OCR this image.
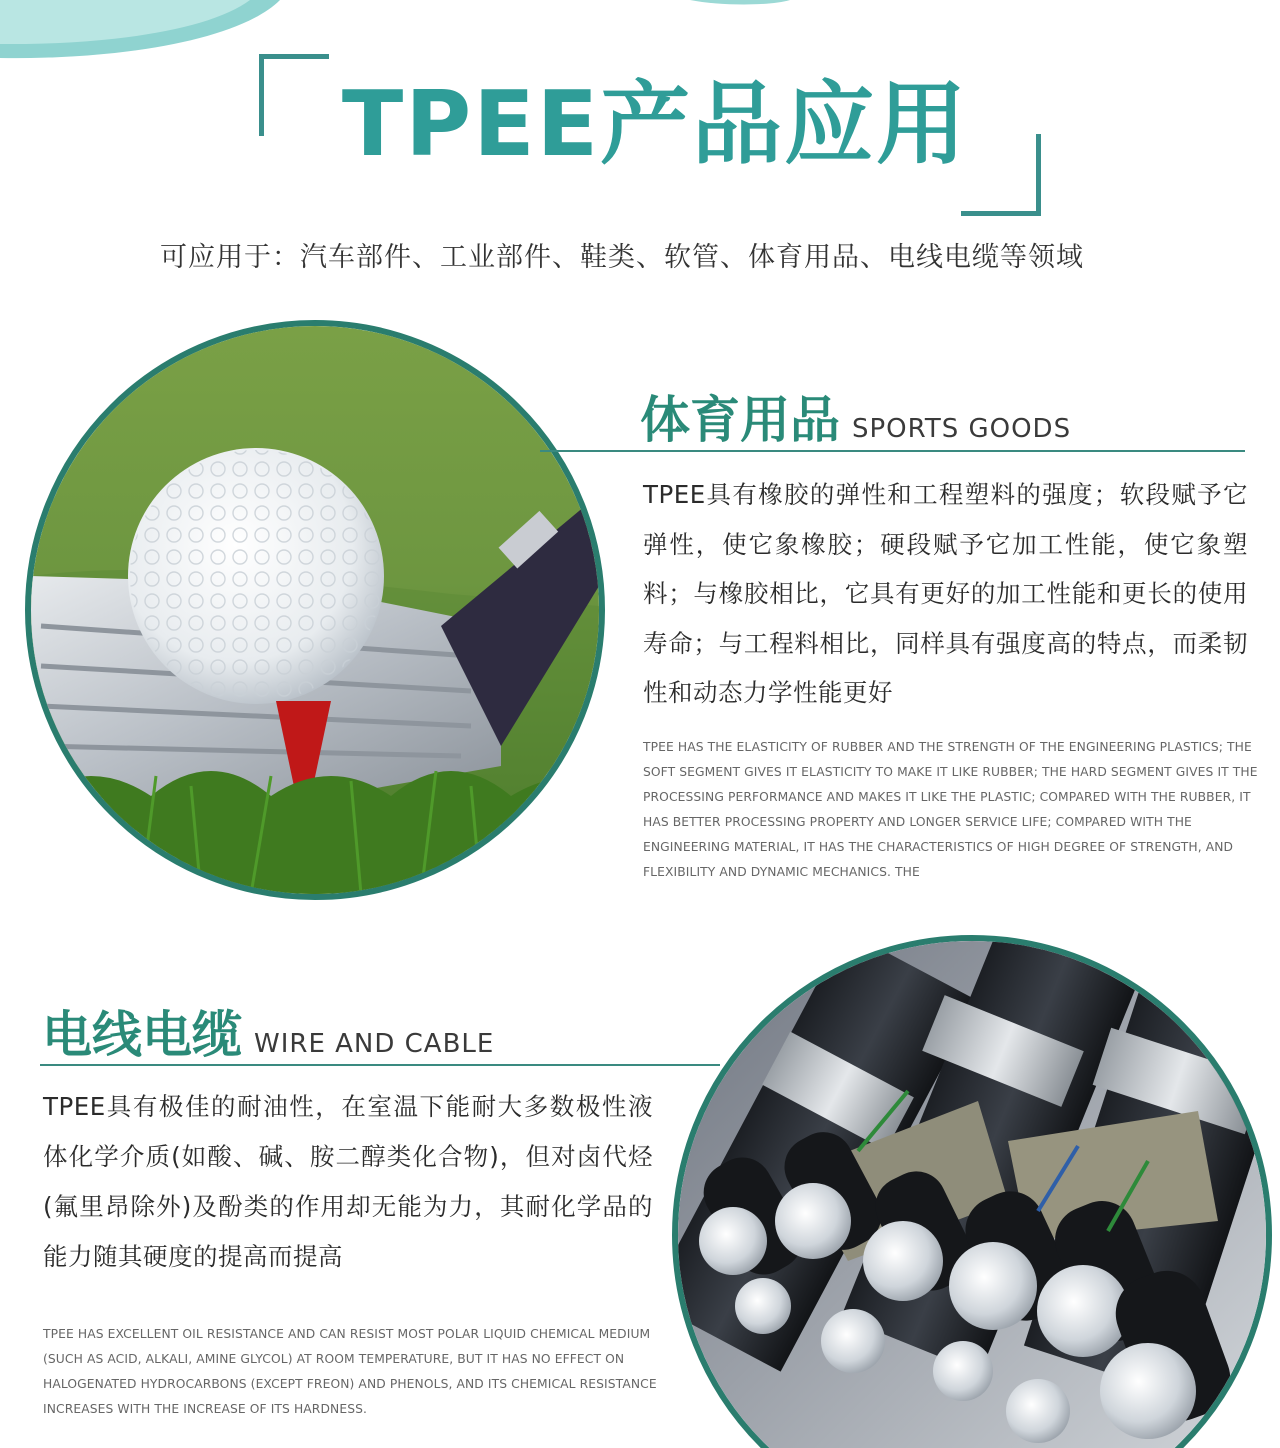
TPEE产品应用
可应用于：汽车部件、工业部件、鞋类、软管、体育用品、电线电缆等领域
体育用品 SPORTS GOODS
TPEE具有橡胶的弹性和工程塑料的强度；软段赋予它弹性，使它象橡胶；硬段赋予它加工性能，使它象塑料；与橡胶相比，它具有更好的加工性能和更长的使用寿命；与工程料相比，同样具有强度高的特点，而柔韧性和动态力学性能更好
TPEE HAS THE ELASTICITY OF RUBBER AND THE STRENGTH OF THE ENGINEERING PLASTICS; THE SOFT SEGMENT GIVES IT ELASTICITY TO MAKE IT LIKE RUBBER; THE HARD SEGMENT GIVES IT THE PROCESSING PERFORMANCE AND MAKES IT LIKE THE PLASTIC; COMPARED WITH THE RUBBER, IT HAS BETTER PROCESSING PROPERTY AND LONGER SERVICE LIFE; COMPARED WITH THE ENGINEERING MATERIAL, IT HAS THE CHARACTERISTICS OF HIGH DEGREE OF STRENGTH, AND FLEXIBILITY AND DYNAMIC MECHANICS. THE
电线电缆 WIRE AND CABLE
TPEE具有极佳的耐油性，在室温下能耐大多数极性液体化学介质(如酸、碱、胺二醇类化合物)，但对卤代烃(氟里昂除外)及酚类的作用却无能为力，其耐化学品的能力随其硬度的提高而提高
TPEE HAS EXCELLENT OIL RESISTANCE AND CAN RESIST MOST POLAR LIQUID CHEMICAL MEDIUM (SUCH AS ACID, ALKALI, AMINE GLYCOL) AT ROOM TEMPERATURE, BUT IT HAS NO EFFECT ON HALOGENATED HYDROCARBONS (EXCEPT FREON) AND PHENOLS, AND ITS CHEMICAL RESISTANCE INCREASES WITH THE INCREASE OF ITS HARDNESS.
